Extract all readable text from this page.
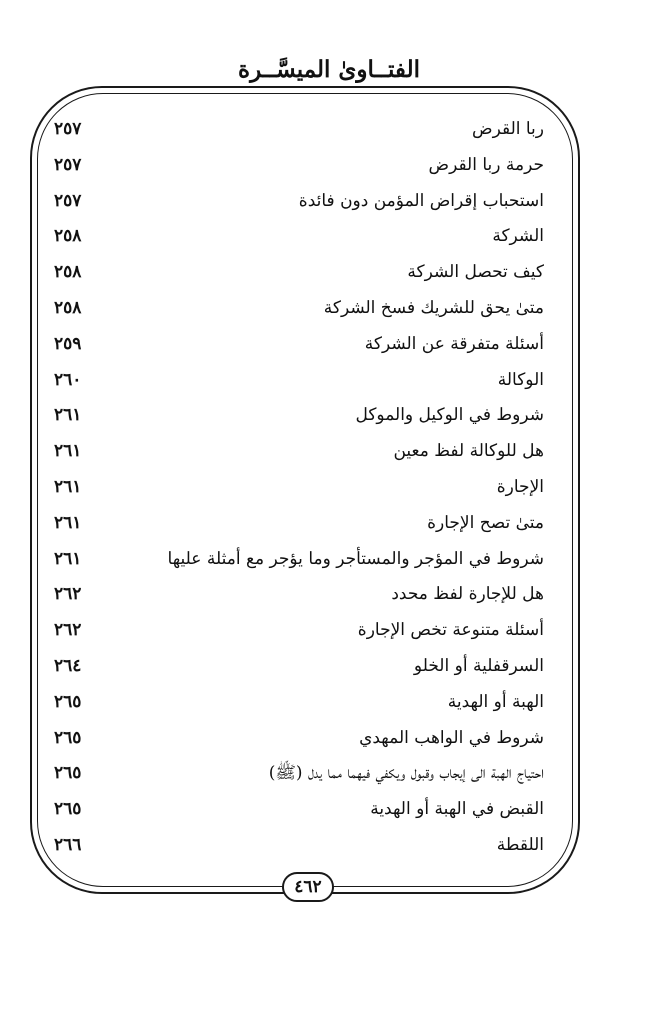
الفتــاوىٰ الميسَّــرة
ربا القرض
٢٥٧
حرمة ربا القرض
٢٥٧
استحباب إقراض المؤمن دون فائدة
٢٥٧
الشركة
٢٥٨
كيف تحصل الشركة
٢٥٨
متىٰ يحق للشريك فسخ الشركة
٢٥٨
أسئلة متفرقة عن الشركة
٢٥٩
الوكالة
٢٦٠
شروط في الوكيل والموكل
٢٦١
هل للوكالة لفظ معين
٢٦١
الإجارة
٢٦١
متىٰ تصح الإجارة
٢٦١
شروط في المؤجر والمستأجر وما يؤجر مع أمثلة عليها
٢٦١
هل للإجارة لفظ محدد
٢٦٢
أسئلة متنوعة تخص الإجارة
٢٦٢
السرقفلية أو الخلو
٢٦٤
الهبة أو الهدية
٢٦٥
شروط في الواهب المهدي
٢٦٥
احتياج الهبة الى إيجاب وقبول ويكفي فيهما مما يدل (ﷺ)
٢٦٥
القبض في الهبة أو الهدية
٢٦٥
اللقطة
٢٦٦
٤٦٢
